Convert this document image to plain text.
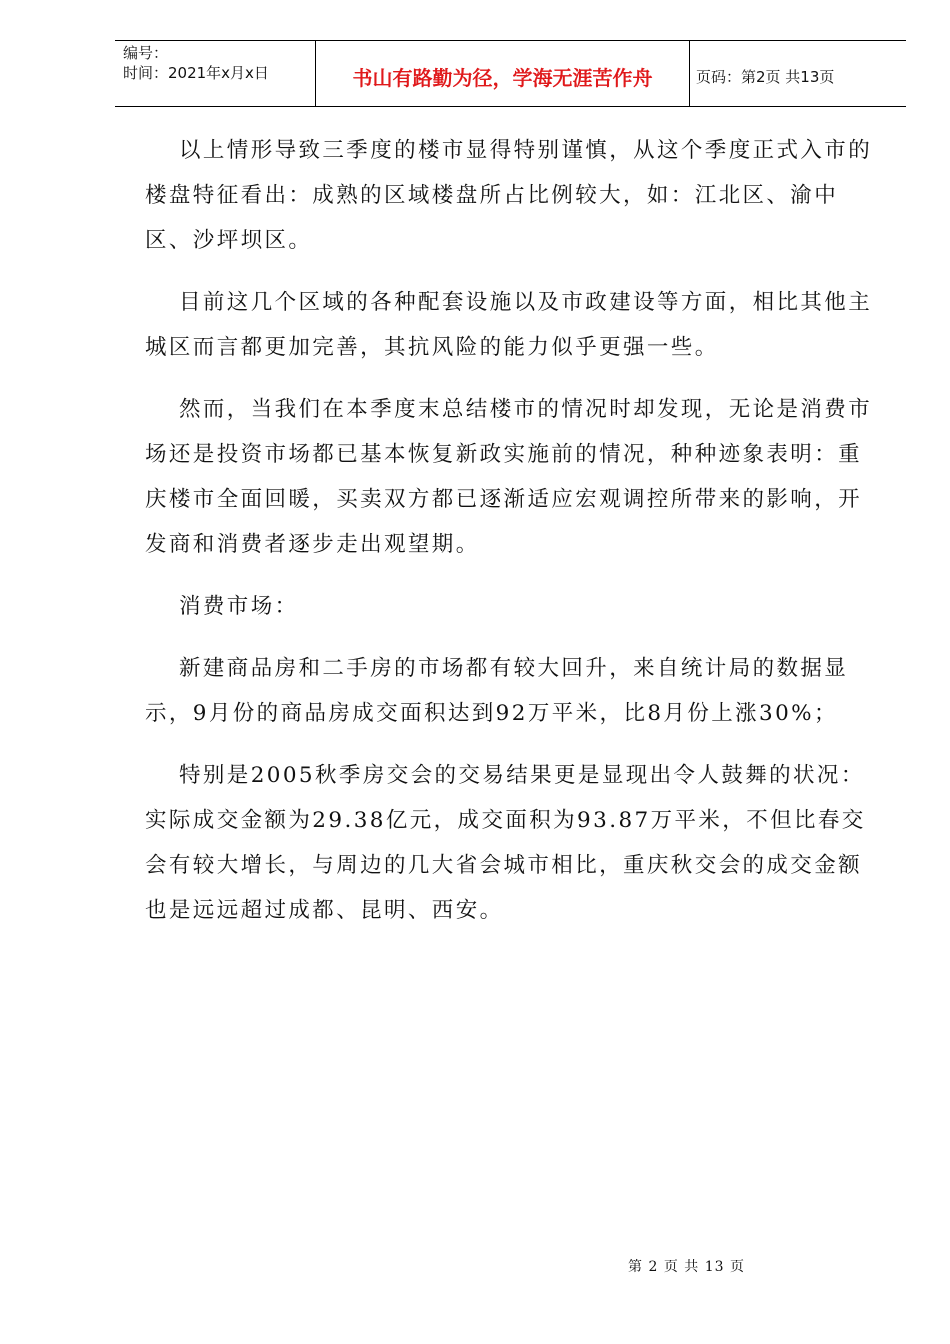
编号：
时间：2021年x月x日	书山有路勤为径，学海无涯苦作舟	页码：第2页 共13页

以上情形导致三季度的楼市显得特别谨慎，从这个季度正式入市的楼盘特征看出：成熟的区域楼盘所占比例较大，如：江北区、渝中区、沙坪坝区。

目前这几个区域的各种配套设施以及市政建设等方面，相比其他主城区而言都更加完善，其抗风险的能力似乎更强一些。

然而，当我们在本季度末总结楼市的情况时却发现，无论是消费市场还是投资市场都已基本恢复新政实施前的情况，种种迹象表明：重庆楼市全面回暖，买卖双方都已逐渐适应宏观调控所带来的影响，开发商和消费者逐步走出观望期。

消费市场：

新建商品房和二手房的市场都有较大回升，来自统计局的数据显示，9月份的商品房成交面积达到92万平米，比8月份上涨30%；

特别是2005秋季房交会的交易结果更是显现出令人鼓舞的状况：实际成交金额为29.38亿元，成交面积为93.87万平米，不但比春交会有较大增长，与周边的几大省会城市相比，重庆秋交会的成交金额也是远远超过成都、昆明、西安。

第 2 页 共 13 页
